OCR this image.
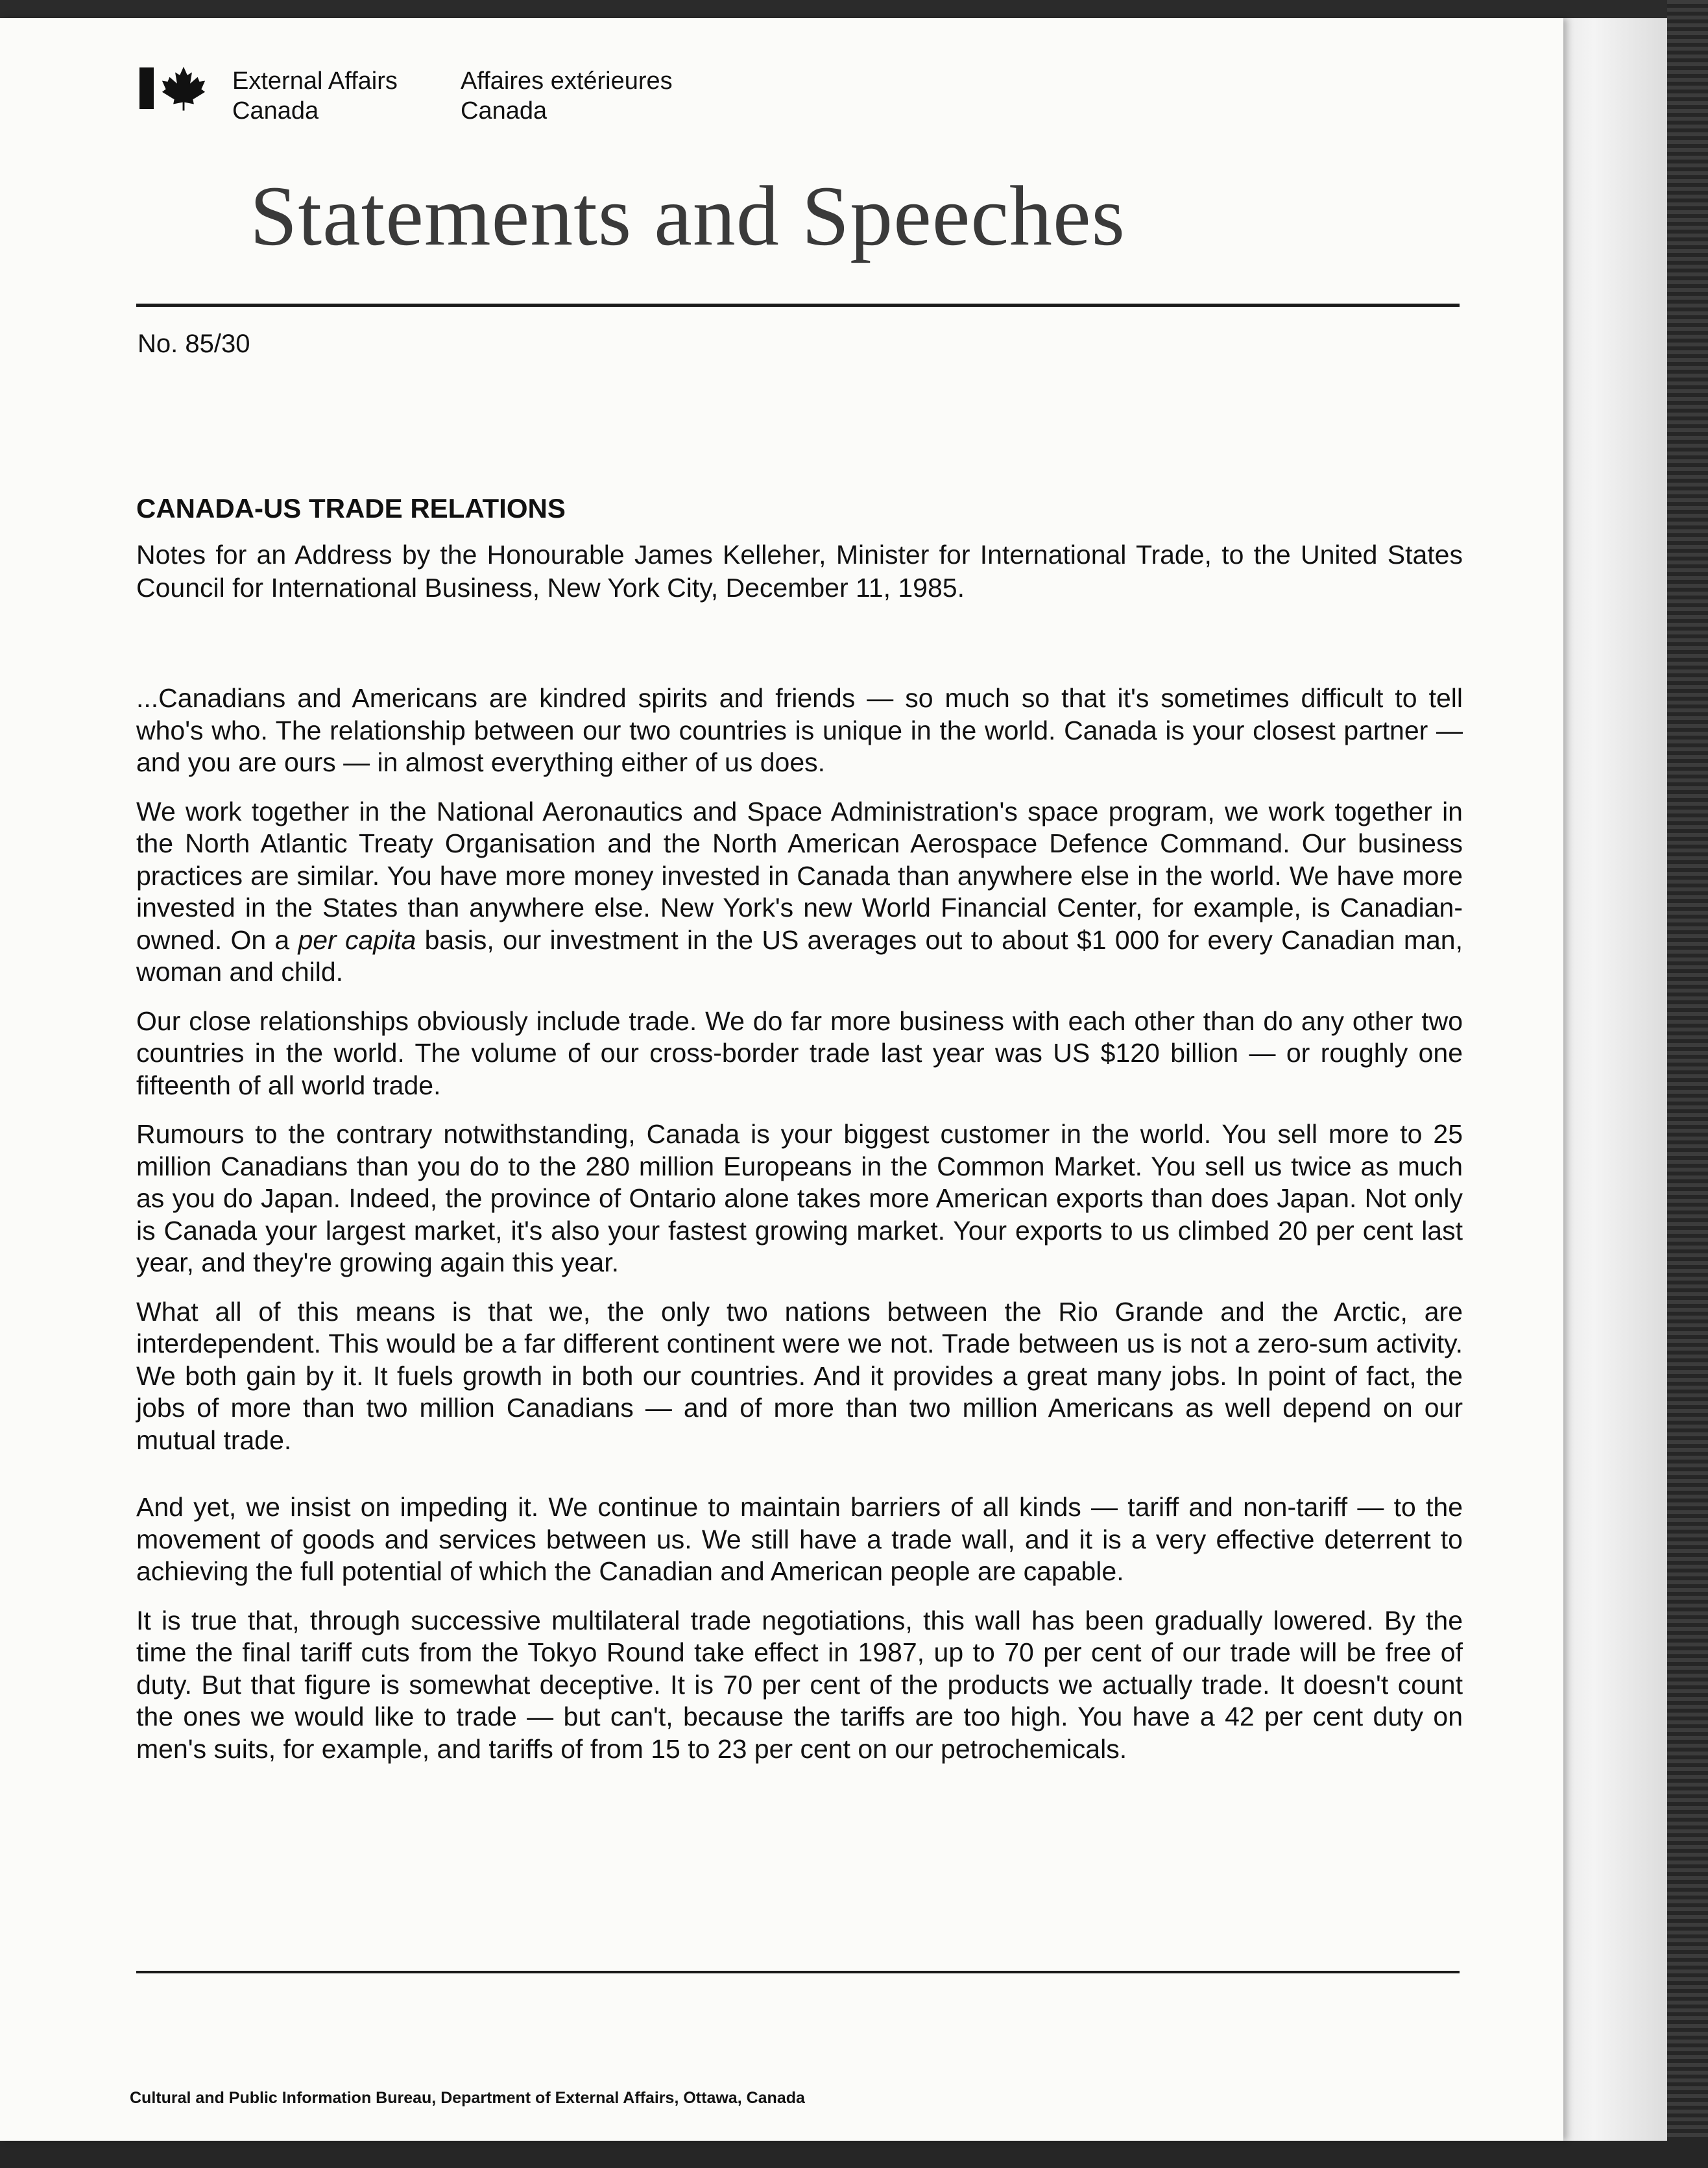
External Affairs
Canada
Affaires extérieures
Canada
Statements and Speeches
No. 85/30
CANADA-US TRADE RELATIONS
Notes for an Address by the Honourable James Kelleher, Minister for International Trade, to the United States Council for International Business, New York City, December 11, 1985.

...Canadians and Americans are kindred spirits and friends — so much so that it's sometimes difficult to tell who's who. The relationship between our two countries is unique in the world. Canada is your closest partner — and you are ours — in almost everything either of us does.

We work together in the National Aeronautics and Space Administration's space program, we work together in the North Atlantic Treaty Organisation and the North American Aerospace Defence Command. Our business practices are similar. You have more money invested in Canada than anywhere else in the world. We have more invested in the States than anywhere else. New York's new World Financial Center, for example, is Canadian-owned. On a per capita basis, our investment in the US averages out to about $1 000 for every Canadian man, woman and child.

Our close relationships obviously include trade. We do far more business with each other than do any other two countries in the world. The volume of our cross-border trade last year was US $120 billion — or roughly one fifteenth of all world trade.

Rumours to the contrary notwithstanding, Canada is your biggest customer in the world. You sell more to 25 million Canadians than you do to the 280 million Europeans in the Common Market. You sell us twice as much as you do Japan. Indeed, the province of Ontario alone takes more American exports than does Japan. Not only is Canada your largest market, it's also your fastest growing market. Your exports to us climbed 20 per cent last year, and they're growing again this year.

What all of this means is that we, the only two nations between the Rio Grande and the Arctic, are interdependent. This would be a far different continent were we not. Trade between us is not a zero-sum activity. We both gain by it. It fuels growth in both our countries. And it provides a great many jobs. In point of fact, the jobs of more than two million Canadians — and of more than two million Americans as well depend on our mutual trade.

And yet, we insist on impeding it. We continue to maintain barriers of all kinds — tariff and non-tariff — to the movement of goods and services between us. We still have a trade wall, and it is a very effective deterrent to achieving the full potential of which the Canadian and American people are capable.

It is true that, through successive multilateral trade negotiations, this wall has been gradually lowered. By the time the final tariff cuts from the Tokyo Round take effect in 1987, up to 70 per cent of our trade will be free of duty. But that figure is somewhat deceptive. It is 70 per cent of the products we actually trade. It doesn't count the ones we would like to trade — but can't, because the tariffs are too high. You have a 42 per cent duty on men's suits, for example, and tariffs of from 15 to 23 per cent on our petrochemicals.

Cultural and Public Information Bureau, Department of External Affairs, Ottawa, Canada
